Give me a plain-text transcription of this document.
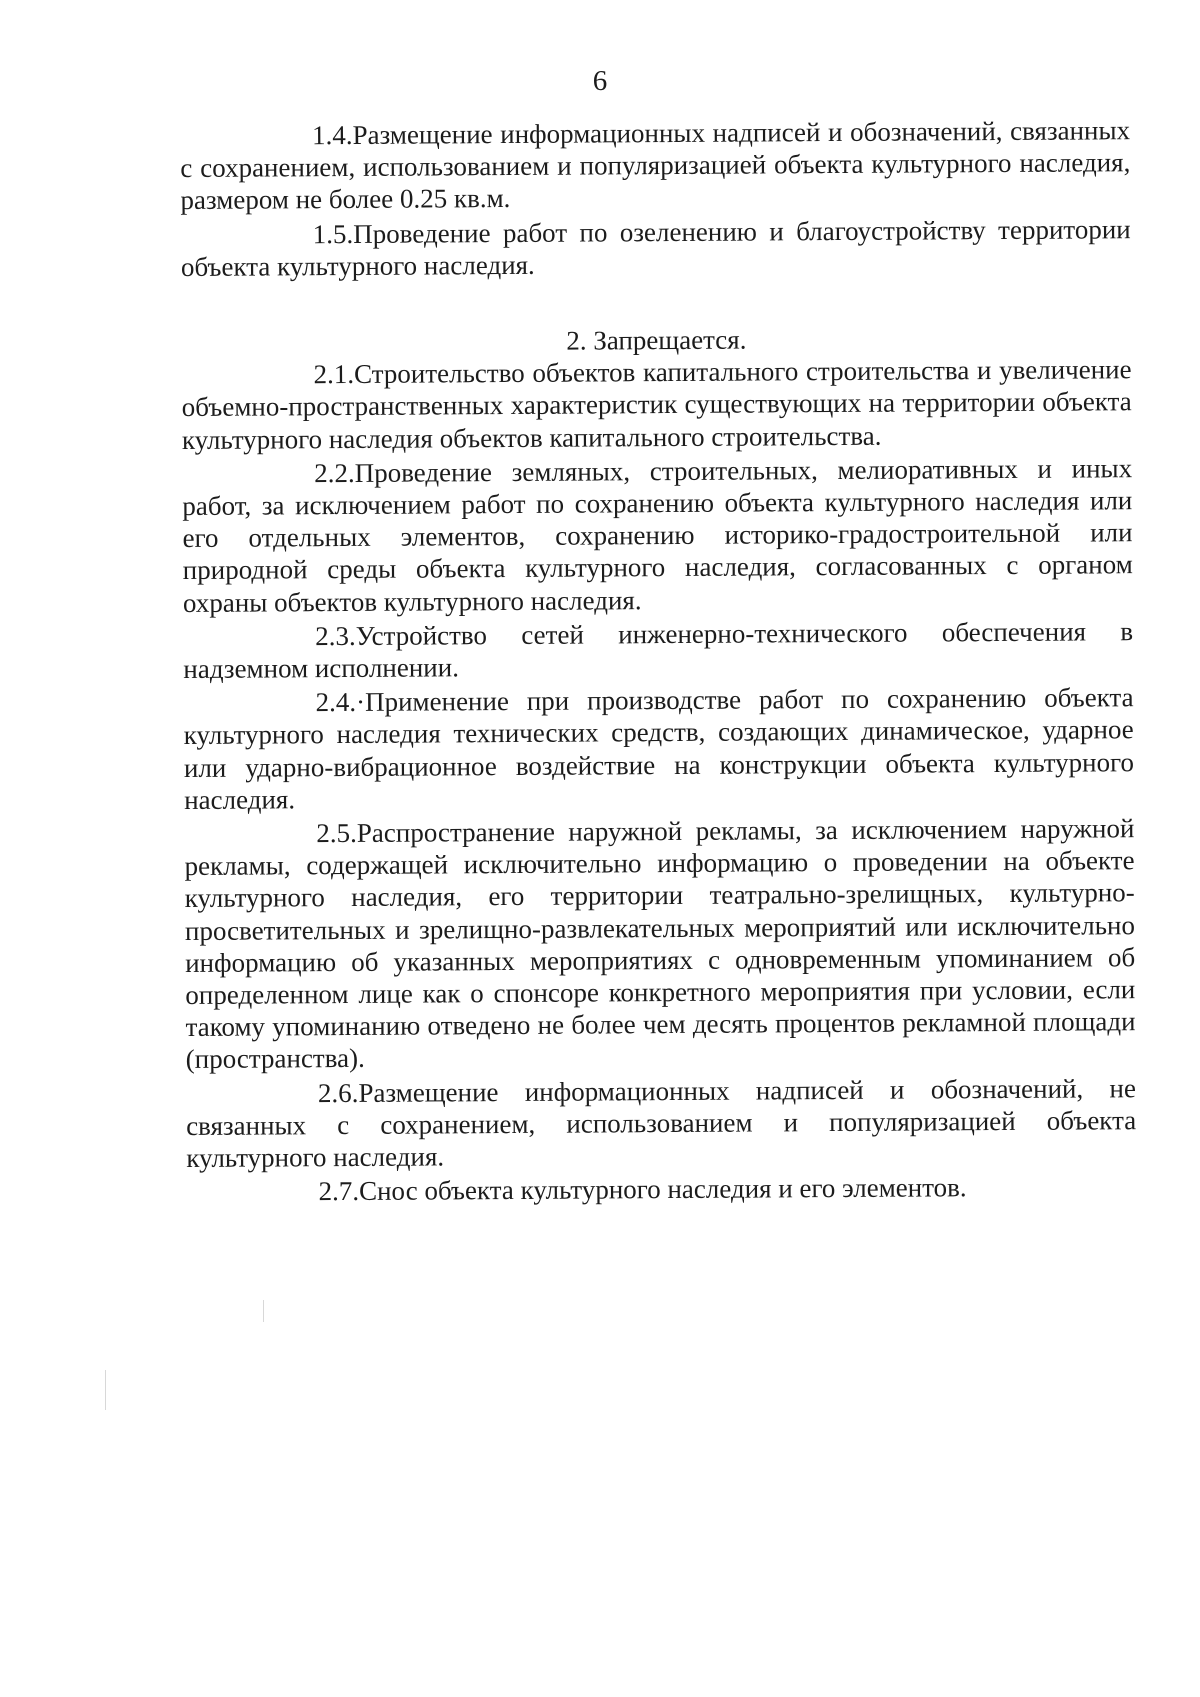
6

1.4.Размещение информационных надписей и обозначений, связанных с сохранением, использованием и популяризацией объекта культурного наследия, размером не более 0.25 кв.м.

1.5.Проведение работ по озеленению и благоустройству территории объекта культурного наследия.

2. Запрещается.

2.1.Строительство объектов капитального строительства и увеличение объемно-пространственных характеристик существующих на территории объекта культурного наследия объектов капитального строительства.

2.2.Проведение земляных, строительных, мелиоративных и иных работ, за исключением работ по сохранению объекта культурного наследия или его отдельных элементов, сохранению историко-градостроительной или природной среды объекта культурного наследия, согласованных с органом охраны объектов культурного наследия.

2.3.Устройство сетей инженерно-технического обеспечения в надземном исполнении.

2.4.·Применение при производстве работ по сохранению объекта культурного наследия технических средств, создающих динамическое, ударное или ударно-вибрационное воздействие на конструкции объекта культурного наследия.

2.5.Распространение наружной рекламы, за исключением наружной рекламы, содержащей исключительно информацию о проведении на объекте культурного наследия, его территории театрально-зрелищных, культурно-просветительных и зрелищно-развлекательных мероприятий или исключительно информацию об указанных мероприятиях с одновременным упоминанием об определенном лице как о спонсоре конкретного мероприятия при условии, если такому упоминанию отведено не более чем десять процентов рекламной площади (пространства).

2.6.Размещение информационных надписей и обозначений, не связанных с сохранением, использованием и популяризацией объекта культурного наследия.

2.7.Снос объекта культурного наследия и его элементов.
